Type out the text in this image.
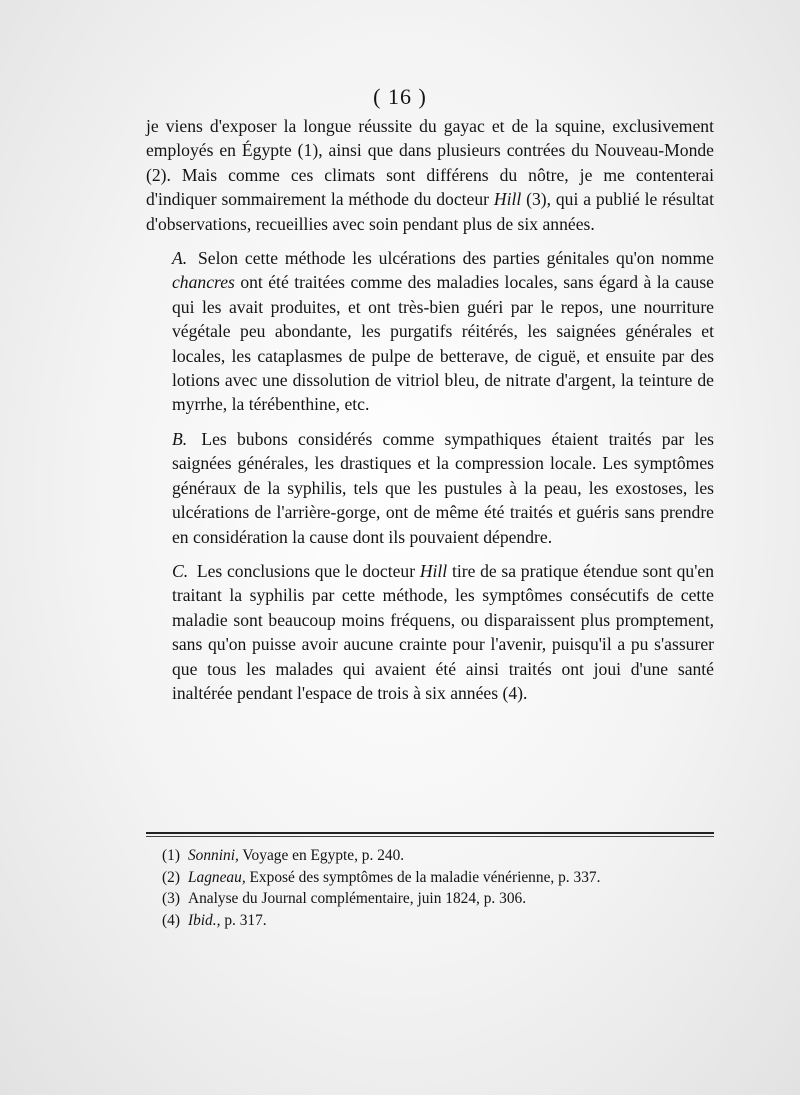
( 16 )

je viens d'exposer la longue réussite du gayac et de la squine, exclusivement employés en Égypte (1), ainsi que dans plusieurs contrées du Nouveau-Monde (2). Mais comme ces climats sont différens du nôtre, je me contenterai d'indiquer sommairement la méthode du docteur Hill (3), qui a publié le résultat d'observations, recueillies avec soin pendant plus de six années.

A. Selon cette méthode les ulcérations des parties génitales qu'on nomme chancres ont été traitées comme des maladies locales, sans égard à la cause qui les avait produites, et ont très-bien guéri par le repos, une nourriture végétale peu abondante, les purgatifs réitérés, les saignées générales et locales, les cataplasmes de pulpe de betterave, de ciguë, et ensuite par des lotions avec une dissolution de vitriol bleu, de nitrate d'argent, la teinture de myrrhe, la térébenthine, etc.

B. Les bubons considérés comme sympathiques étaient traités par les saignées générales, les drastiques et la compression locale. Les symptômes généraux de la syphilis, tels que les pustules à la peau, les exostoses, les ulcérations de l'arrière-gorge, ont de même été traités et guéris sans prendre en considération la cause dont ils pouvaient dépendre.

C. Les conclusions que le docteur Hill tire de sa pratique étendue sont qu'en traitant la syphilis par cette méthode, les symptômes consécutifs de cette maladie sont beaucoup moins fréquens, ou disparaissent plus promptement, sans qu'on puisse avoir aucune crainte pour l'avenir, puisqu'il a pu s'assurer que tous les malades qui avaient été ainsi traités ont joui d'une santé inaltérée pendant l'espace de trois à six années (4).

(1) Sonnini, Voyage en Egypte, p. 240.
(2) Lagneau, Exposé des symptômes de la maladie vénérienne, p. 337.
(3) Analyse du Journal complémentaire, juin 1824, p. 306.
(4) Ibid., p. 317.
